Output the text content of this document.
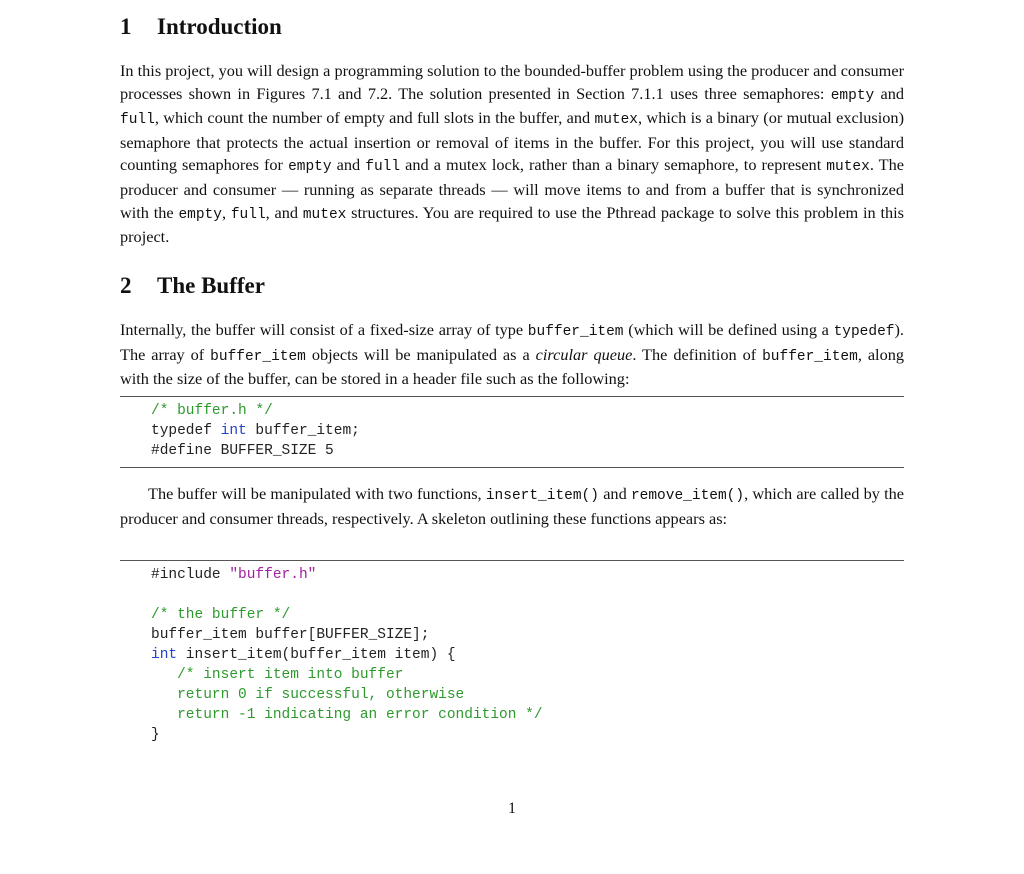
1 Introduction

In this project, you will design a programming solution to the bounded-buffer problem using the producer and consumer processes shown in Figures 7.1 and 7.2. The solution presented in Section 7.1.1 uses three semaphores: empty and full, which count the number of empty and full slots in the buffer, and mutex, which is a binary (or mutual exclusion) semaphore that protects the actual insertion or removal of items in the buffer. For this project, you will use standard counting semaphores for empty and full and a mutex lock, rather than a binary semaphore, to represent mutex. The producer and consumer — running as separate threads — will move items to and from a buffer that is synchronized with the empty, full, and mutex structures. You are required to use the Pthread package to solve this problem in this project.

2 The Buffer

Internally, the buffer will consist of a fixed-size array of type buffer_item (which will be defined using a typedef). The array of buffer_item objects will be manipulated as a circular queue. The definition of buffer_item, along with the size of the buffer, can be stored in a header file such as the following:

/* buffer.h */
typedef int buffer_item;
#define BUFFER_SIZE 5

The buffer will be manipulated with two functions, insert_item() and remove_item(), which are called by the producer and consumer threads, respectively. A skeleton outlining these functions appears as:

#include "buffer.h"
/* the buffer */
buffer_item buffer[BUFFER_SIZE];
int insert_item(buffer_item item) {
/* insert item into buffer
return 0 if successful, otherwise
return -1 indicating an error condition */
}
1
